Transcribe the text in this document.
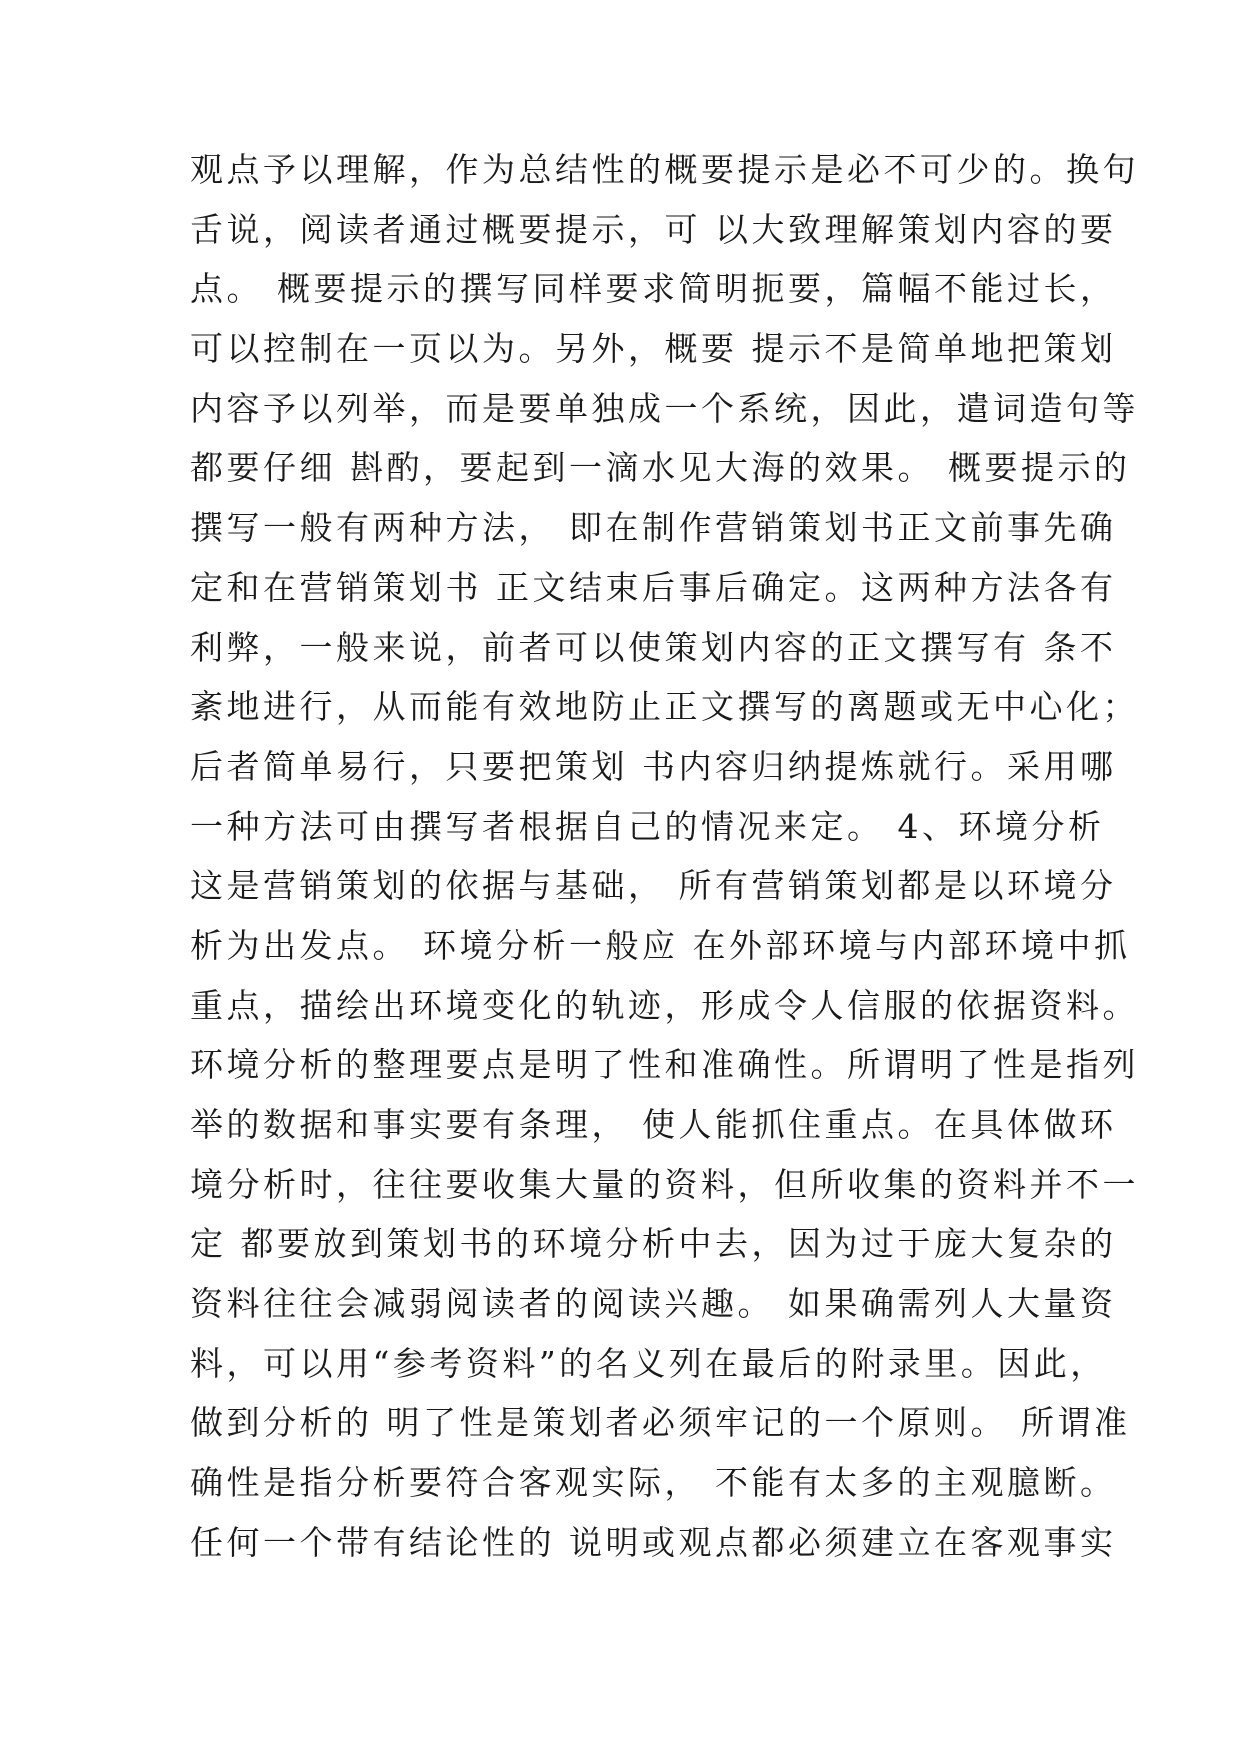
观点予以理解，作为总结性的概要提示是必不可少的。换句
舌说，阅读者通过概要提示，可 以大致理解策划内容的要
点。 概要提示的撰写同样要求简明扼要，篇幅不能过长，
可以控制在一页以为。另外，概要 提示不是简单地把策划
内容予以列举，而是要单独成一个系统，因此，遣词造句等
都要仔细 斟酌，要起到一滴水见大海的效果。 概要提示的
撰写一般有两种方法， 即在制作营销策划书正文前事先确
定和在营销策划书 正文结束后事后确定。这两种方法各有
利弊，一般来说，前者可以使策划内容的正文撰写有 条不
紊地进行，从而能有效地防止正文撰写的离题或无中心化；
后者简单易行，只要把策划 书内容归纳提炼就行。采用哪
一种方法可由撰写者根据自己的情况来定。 4、环境分析
这是营销策划的依据与基础， 所有营销策划都是以环境分
析为出发点。 环境分析一般应 在外部环境与内部环境中抓
重点，描绘出环境变化的轨迹，形成令人信服的依据资料。
环境分析的整理要点是明了性和准确性。所谓明了性是指列
举的数据和事实要有条理， 使人能抓住重点。在具体做环
境分析时，往往要收集大量的资料，但所收集的资料并不一
定 都要放到策划书的环境分析中去，因为过于庞大复杂的
资料往往会减弱阅读者的阅读兴趣。 如果确需列人大量资
料，可以用“参考资料”的名义列在最后的附录里。因此，
做到分析的 明了性是策划者必须牢记的一个原则。 所谓准
确性是指分析要符合客观实际， 不能有太多的主观臆断。
任何一个带有结论性的 说明或观点都必须建立在客观事实
